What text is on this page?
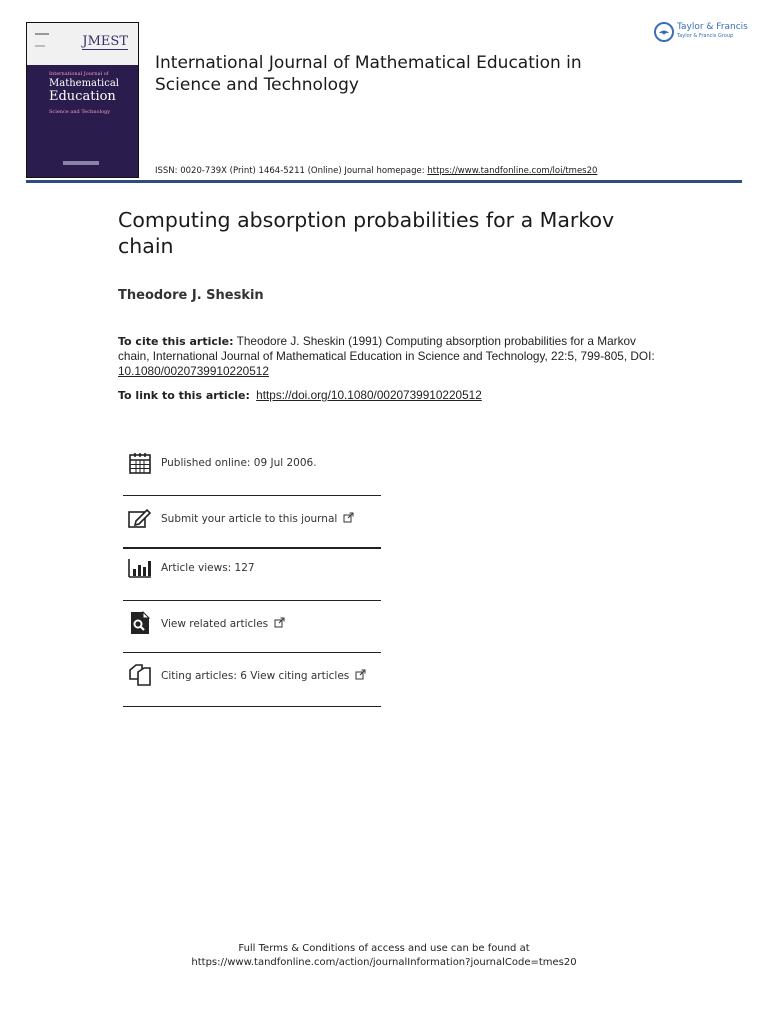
JMEST
International Journal of
Mathematical
Education
Science and Technology
International Journal of Mathematical Education in Science and Technology
Taylor & Francis
Taylor & Francis Group
ISSN: 0020-739X (Print) 1464-5211 (Online) Journal homepage: https://www.tandfonline.com/loi/tmes20
Computing absorption probabilities for a Markov chain
Theodore J. Sheskin
To cite this article: Theodore J. Sheskin (1991) Computing absorption probabilities for a Markov chain, International Journal of Mathematical Education in Science and Technology, 22:5, 799-805, DOI: 10.1080/0020739910220512
To link to this article: https://doi.org/10.1080/0020739910220512
Published online: 09 Jul 2006.
Submit your article to this journal
Article views: 127
View related articles
Citing articles: 6 View citing articles
Full Terms & Conditions of access and use can be found at
https://www.tandfonline.com/action/journalInformation?journalCode=tmes20
